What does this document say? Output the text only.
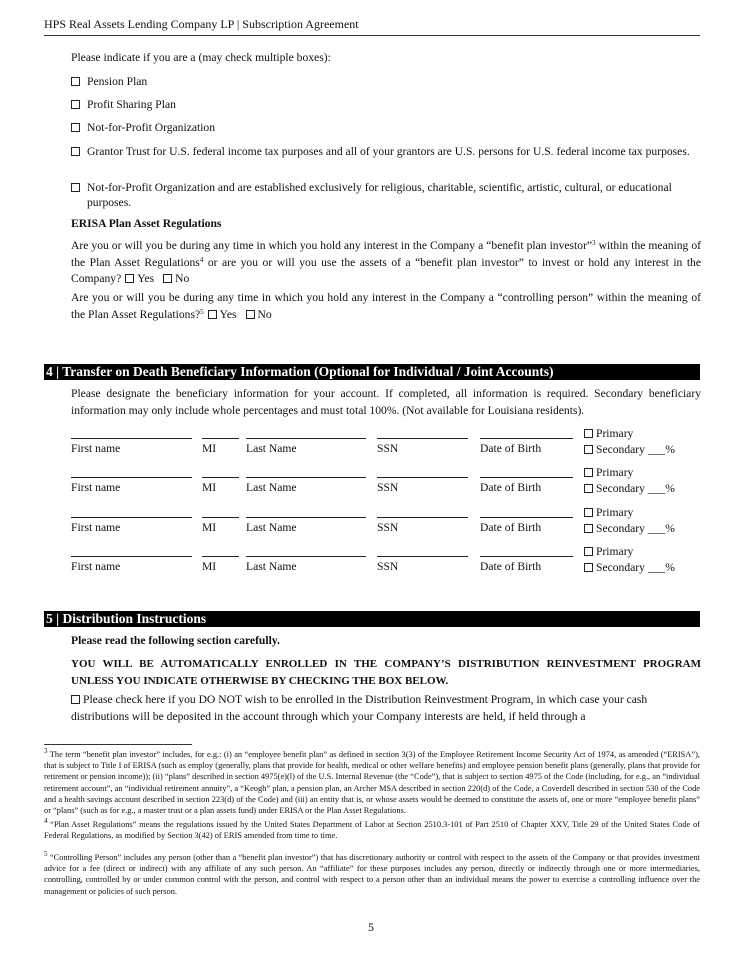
HPS Real Assets Lending Company LP | Subscription Agreement
Please indicate if you are a (may check multiple boxes):
Pension Plan
Profit Sharing Plan
Not-for-Profit Organization
Grantor Trust for U.S. federal income tax purposes and all of your grantors are U.S. persons for U.S. federal income tax purposes.
Not-for-Profit Organization and are established exclusively for religious, charitable, scientific, artistic, cultural, or educational purposes.
ERISA Plan Asset Regulations
Are you or will you be during any time in which you hold any interest in the Company a “benefit plan investor”$^3$ within the meaning of the Plan Asset Regulations$^4$ or are you or will you use the assets of a “benefit plan investor” to invest or hold any interest in the Company? Yes No
Are you or will you be during any time in which you hold any interest in the Company a “controlling person” within the meaning of the Plan Asset Regulations?$^5$ Yes No
4 | Transfer on Death Beneficiary Information (Optional for Individual / Joint Accounts)
Please designate the beneficiary information for your account. If completed, all information is required. Secondary beneficiary information may only include whole percentages and must total 100%. (Not available for Louisiana residents).
First name	MI	Last Name	SSN	Date of Birth
Primary
Secondary ___%
First name	MI	Last Name	SSN	Date of Birth
Primary
Secondary ___%
First name	MI	Last Name	SSN	Date of Birth
Primary
Secondary ___%
First name	MI	Last Name	SSN	Date of Birth
Primary
Secondary ___%
5 | Distribution Instructions
Please read the following section carefully.
YOU WILL BE AUTOMATICALLY ENROLLED IN THE COMPANY’S DISTRIBUTION REINVESTMENT PROGRAM UNLESS YOU INDICATE OTHERWISE BY CHECKING THE BOX BELOW.
Please check here if you DO NOT wish to be enrolled in the Distribution Reinvestment Program, in which case your cash distributions will be deposited in the account through which your Company interests are held, if held through a
$^3$ The term “benefit plan investor” includes, for e.g.: (i) an “employee benefit plan” as defined in section 3(3) of the Employee Retirement Income Security Act of 1974, as amended (“ERISA”), that is subject to Title I of ERISA (such as employ (generally, plans that provide for health, medical or other welfare benefits) and employee pension benefit plans (generally, plans that provide for retirement or pension income)); (ii) “plans” described in section 4975(e)(l) of the U.S. Internal Revenue (the “Code”), that is subject to section 4975 of the Code (including, for e.g., an “individual retirement account”, an “individual retirement annuity”, a “Keogh” plan, a pension plan, an Archer MSA described in section 220(d) of the Code, a Coverdell described in section 530 of the Code and a health savings account described in section 223(d) of the Code) and (iii) an entity that is, or whose assets would be deemed to constitute the assets of, one or more “employee benefit plans” or “plans” (such as for e.g., a master trust or a plan assets fund) under ERISA or the Plan Asset Regulations.
$^4$ “Plan Asset Regulations” means the regulations issued by the United States Department of Labor at Section 2510.3-101 of Part 2510 of Chapter XXV, Title 29 of the United States Code of Federal Regulations, as modified by Section 3(42) of ERIS amended from time to time.
$^5$ “Controlling Person” includes any person (other than a “benefit plan investor”) that has discretionary authority or control with respect to the assets of the Company or that provides investment advice for a fee (direct or indirect) with any affiliate of any such person. An “affiliate” for these purposes includes any person, directly or indirectly through one or more intermediaries, controlling, controlled by or under common control with the person, and control with respect to a person other than an individual means the power to exercise a controlling influence over the management or policies of such person.
5
